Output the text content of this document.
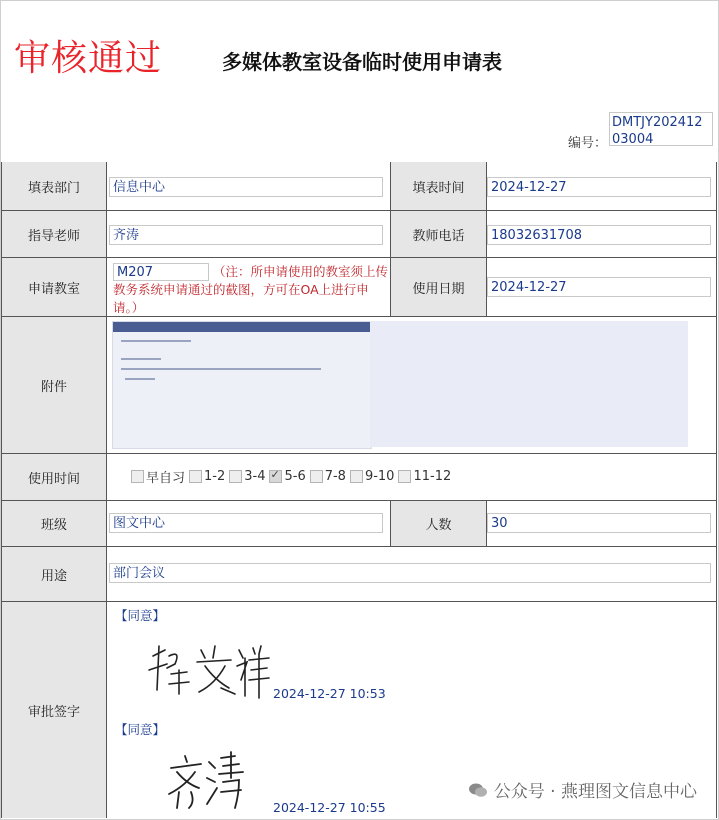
审核通过	多媒体教室设备临时使用申请表
编号：
DMTJY20241203004
填表部门	信息中心	填表时间	2024-12-27
指导老师	齐涛	教师电话	18032631708
申请教室
M207	（注：所申请使用的教室须上传教务系统申请通过的截图，方可在OA上进行申请。）
使用日期	2024-12-27
附件
使用时间	早自习 1-2 3-4
✓ 5-6 7-8 9-10 11-12
班级	图文中心	人数	30
用途	部门会议
审批签字
【同意】
2024-12-27 10:53
【同意】
2024-12-27 10:55
公众号 · 燕理图文信息中心
